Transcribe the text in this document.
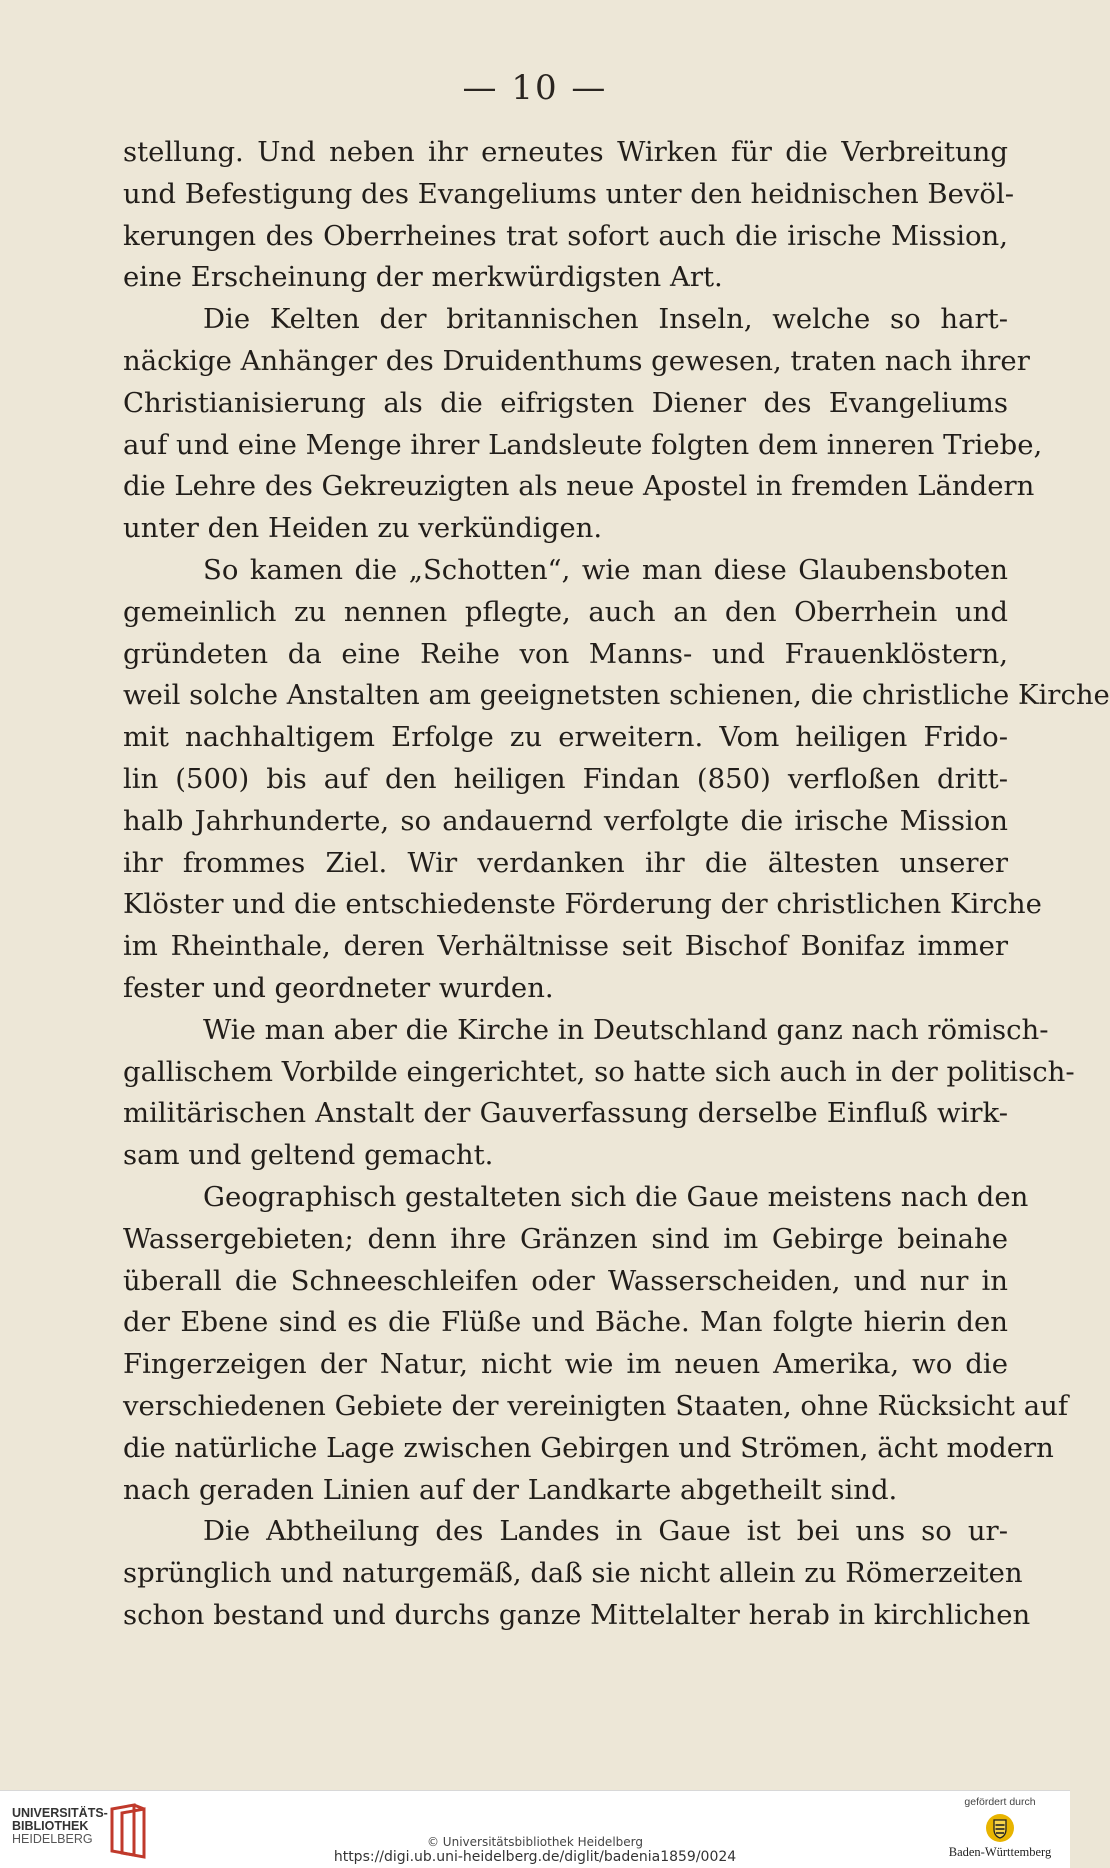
— 10 —
stellung. Und neben ihr erneutes Wirken für die Verbreitung
und Befestigung des Evangeliums unter den heidnischen Bevöl-
kerungen des Oberrheines trat sofort auch die irische Mission,
eine Erscheinung der merkwürdigsten Art.
Die Kelten der britannischen Inseln, welche so hart-
näckige Anhänger des Druidenthums gewesen, traten nach ihrer
Christianisierung als die eifrigsten Diener des Evangeliums
auf und eine Menge ihrer Landsleute folgten dem inneren Triebe,
die Lehre des Gekreuzigten als neue Apostel in fremden Ländern
unter den Heiden zu verkündigen.
So kamen die „Schotten“, wie man diese Glaubensboten
gemeinlich zu nennen pflegte, auch an den Oberrhein und
gründeten da eine Reihe von Manns- und Frauenklöstern,
weil solche Anstalten am geeignetsten schienen, die christliche Kirche
mit nachhaltigem Erfolge zu erweitern. Vom heiligen Frido-
lin (500) bis auf den heiligen Findan (850) verfloßen dritt-
halb Jahrhunderte, so andauernd verfolgte die irische Mission
ihr frommes Ziel. Wir verdanken ihr die ältesten unserer
Klöster und die entschiedenste Förderung der christlichen Kirche
im Rheinthale, deren Verhältnisse seit Bischof Bonifaz immer
fester und geordneter wurden.
Wie man aber die Kirche in Deutschland ganz nach römisch-
gallischem Vorbilde eingerichtet, so hatte sich auch in der politisch-
militärischen Anstalt der Gauverfassung derselbe Einfluß wirk-
sam und geltend gemacht.
Geographisch gestalteten sich die Gaue meistens nach den
Wassergebieten; denn ihre Gränzen sind im Gebirge beinahe
überall die Schneeschleifen oder Wasserscheiden, und nur in
der Ebene sind es die Flüße und Bäche. Man folgte hierin den
Fingerzeigen der Natur, nicht wie im neuen Amerika, wo die
verschiedenen Gebiete der vereinigten Staaten, ohne Rücksicht auf
die natürliche Lage zwischen Gebirgen und Strömen, ächt modern
nach geraden Linien auf der Landkarte abgetheilt sind.
Die Abtheilung des Landes in Gaue ist bei uns so ur-
sprünglich und naturgemäß, daß sie nicht allein zu Römerzeiten
schon bestand und durchs ganze Mittelalter herab in kirchlichen
UNIVERSITÄTS-
BIBLIOTHEK
HEIDELBERG	© Universitätsbibliothek Heidelberg
https://digi.ub.uni-heidelberg.de/diglit/badenia1859/0024
gefördert durch
Baden-Württemberg
